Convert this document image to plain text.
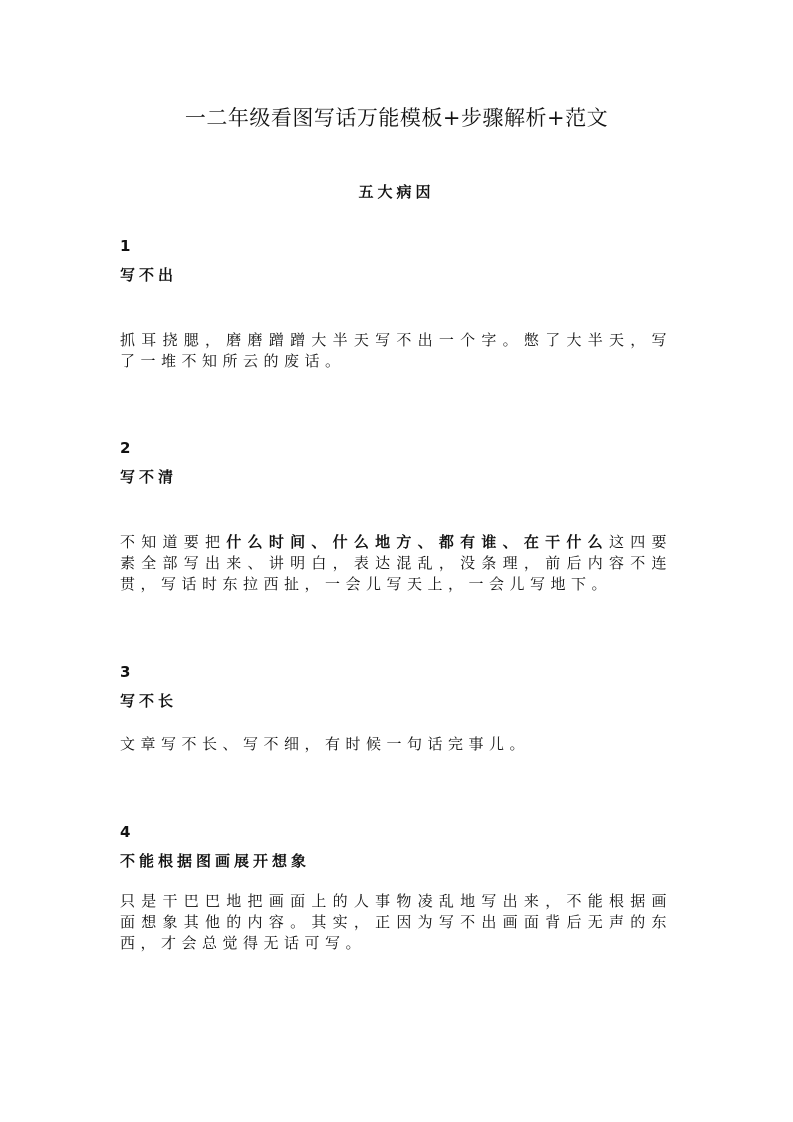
一二年级看图写话万能模板+步骤解析+范文
五大病因
1
写不出

抓耳挠腮，磨磨蹭蹭大半天写不出一个字。憋了大半天，写了一堆不知所云的废话。

2
写不清

不知道要把什么时间、什么地方、都有谁、在干什么这四要素全部写出来、讲明白，表达混乱，没条理，前后内容不连贯，写话时东拉西扯，一会儿写天上，一会儿写地下。

3
写不长

文章写不长、写不细，有时候一句话完事儿。

4
不能根据图画展开想象

只是干巴巴地把画面上的人事物凌乱地写出来，不能根据画面想象其他的内容。其实，正因为写不出画面背后无声的东西，才会总觉得无话可写。
